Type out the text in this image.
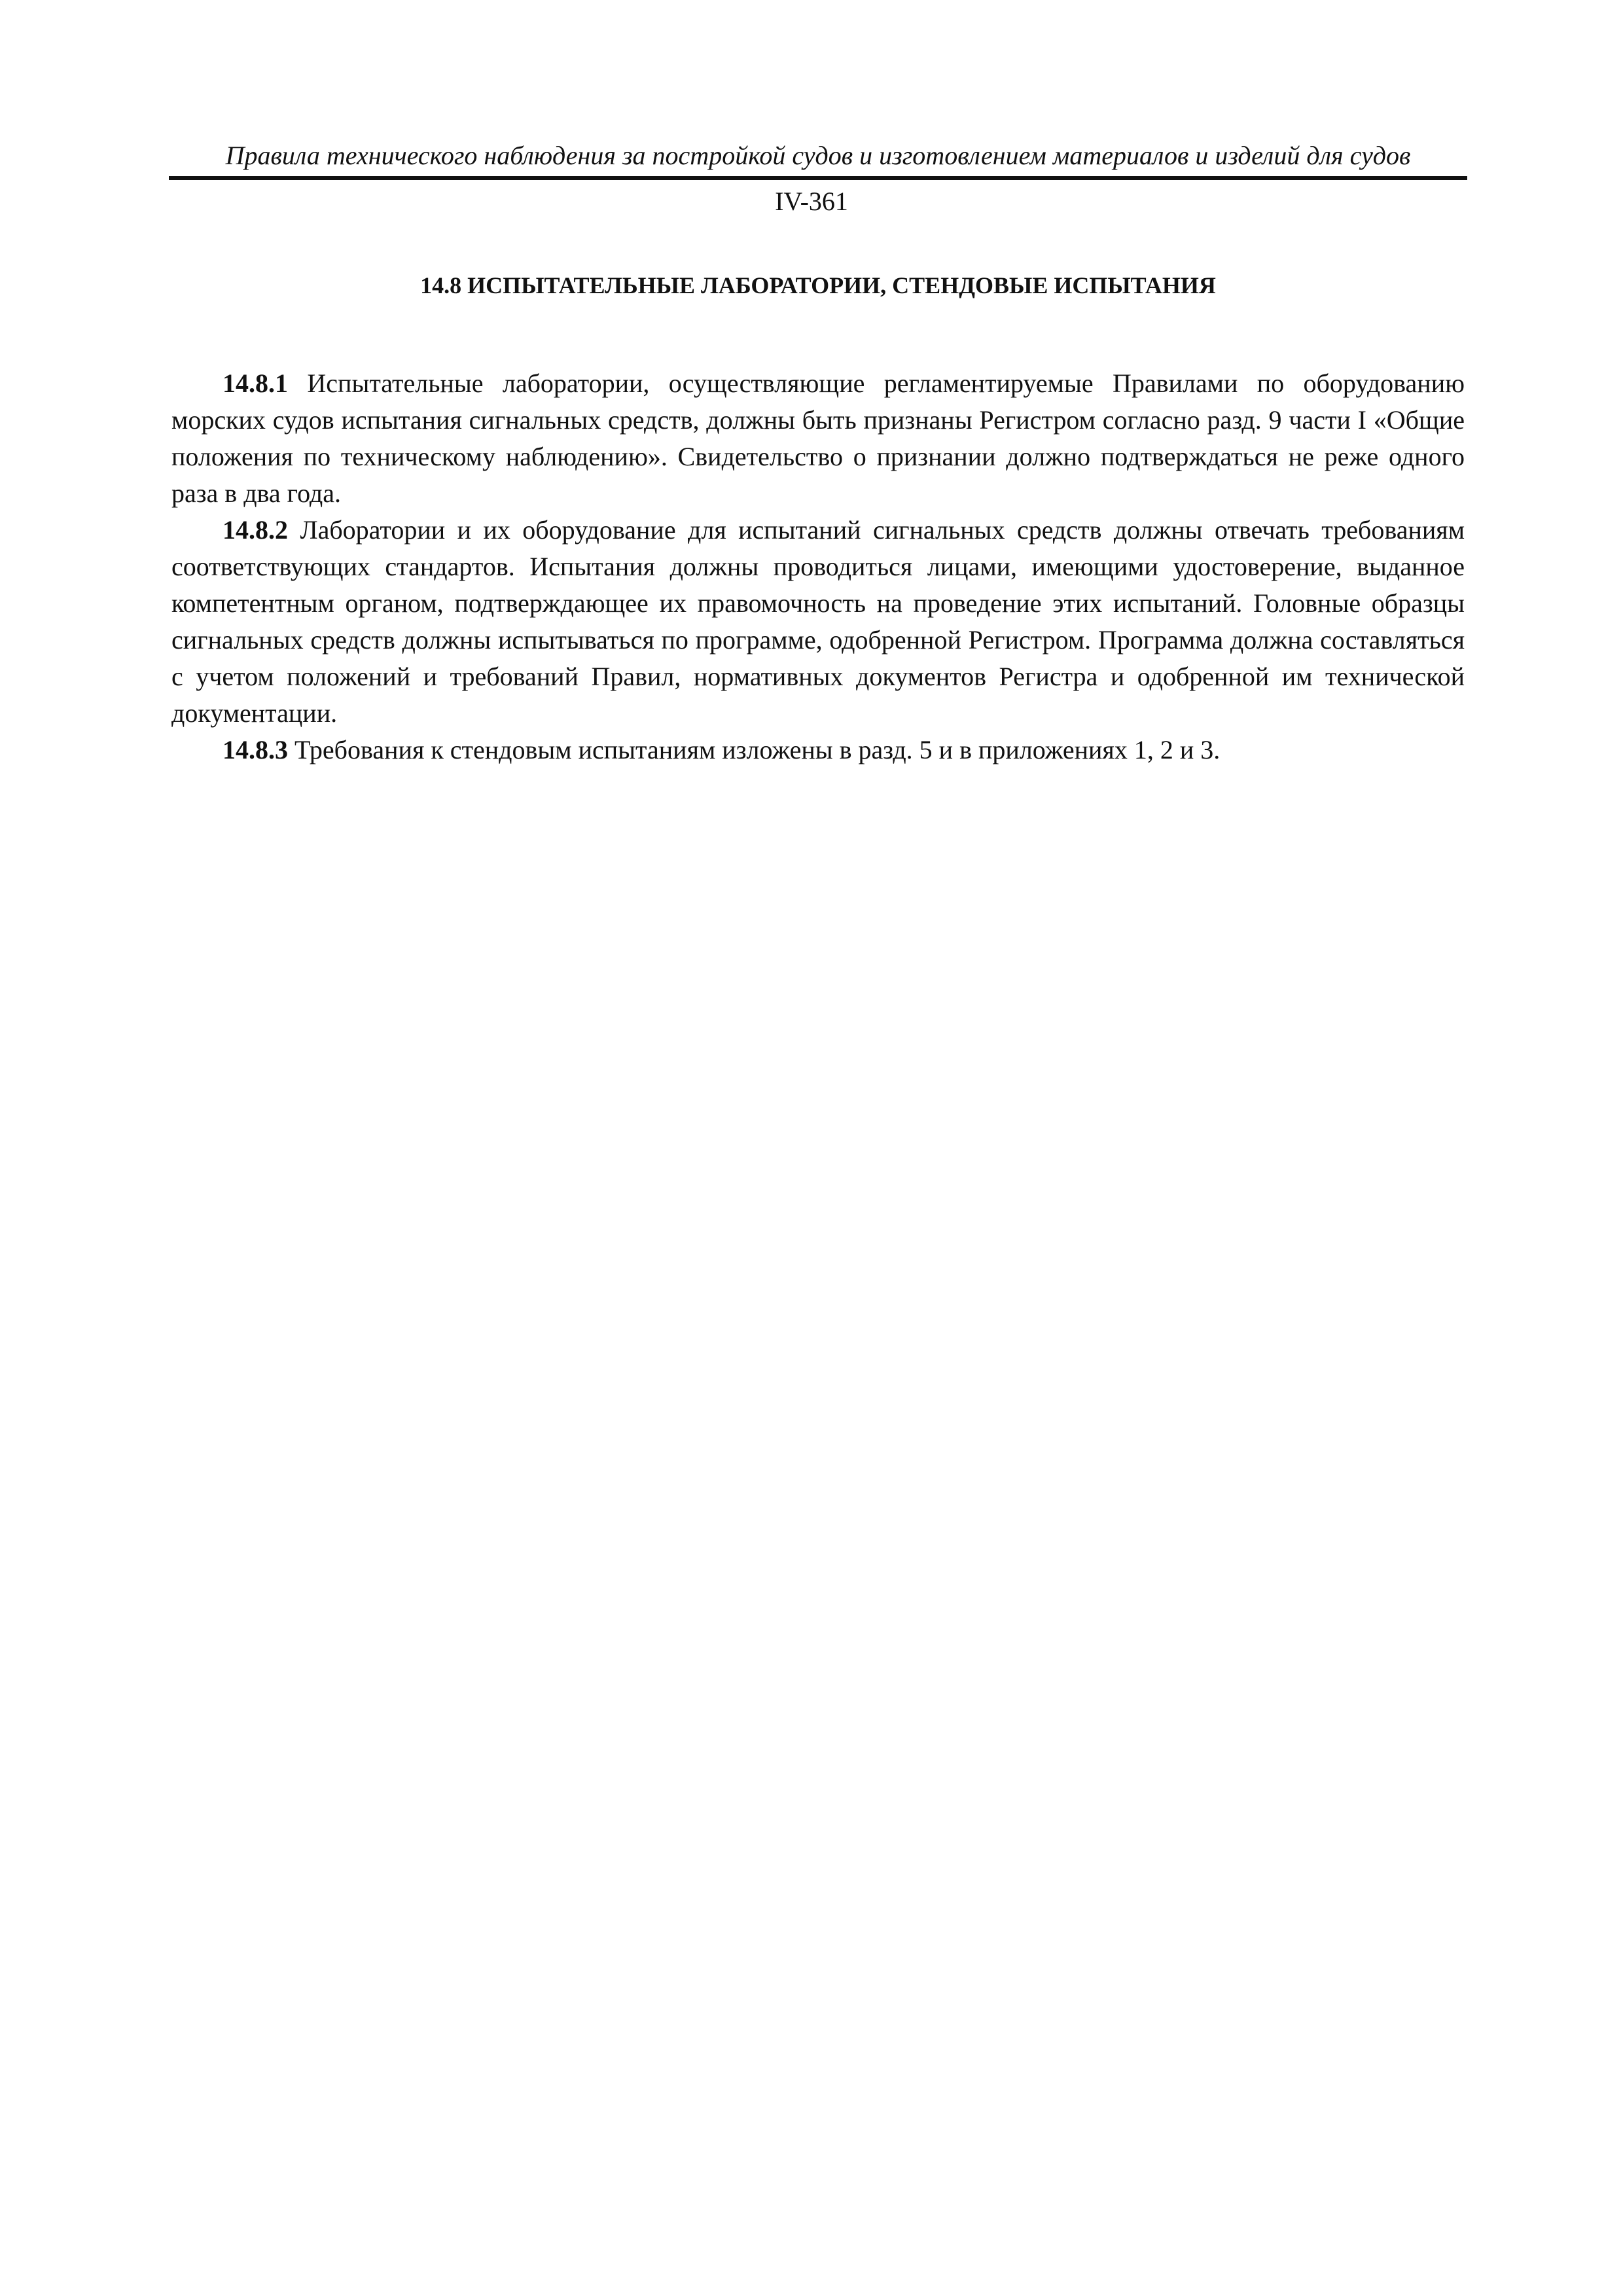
Правила технического наблюдения за постройкой судов и изготовлением материалов и изделий для судов
IV-361
14.8 ИСПЫТАТЕЛЬНЫЕ ЛАБОРАТОРИИ, СТЕНДОВЫЕ ИСПЫТАНИЯ

14.8.1 Испытательные лаборатории, осуществляющие регламентируемые Правилами по оборудованию морских судов испытания сигнальных средств, должны быть признаны Регистром согласно разд. 9 части I «Общие положения по техническому наблюдению». Свидетельство о признании должно подтверждаться не реже одного раза в два года.

14.8.2 Лаборатории и их оборудование для испытаний сигнальных средств должны отвечать требованиям соответствующих стандартов. Испытания должны проводиться лицами, имеющими удостоверение, выданное компетентным органом, подтверждающее их правомочность на проведение этих испытаний. Головные образцы сигнальных средств должны испытываться по программе, одобренной Регистром. Программа должна составляться с учетом положений и требований Правил, нормативных документов Регистра и одобренной им технической документации.

14.8.3 Требования к стендовым испытаниям изложены в разд. 5 и в приложениях 1, 2 и 3.
